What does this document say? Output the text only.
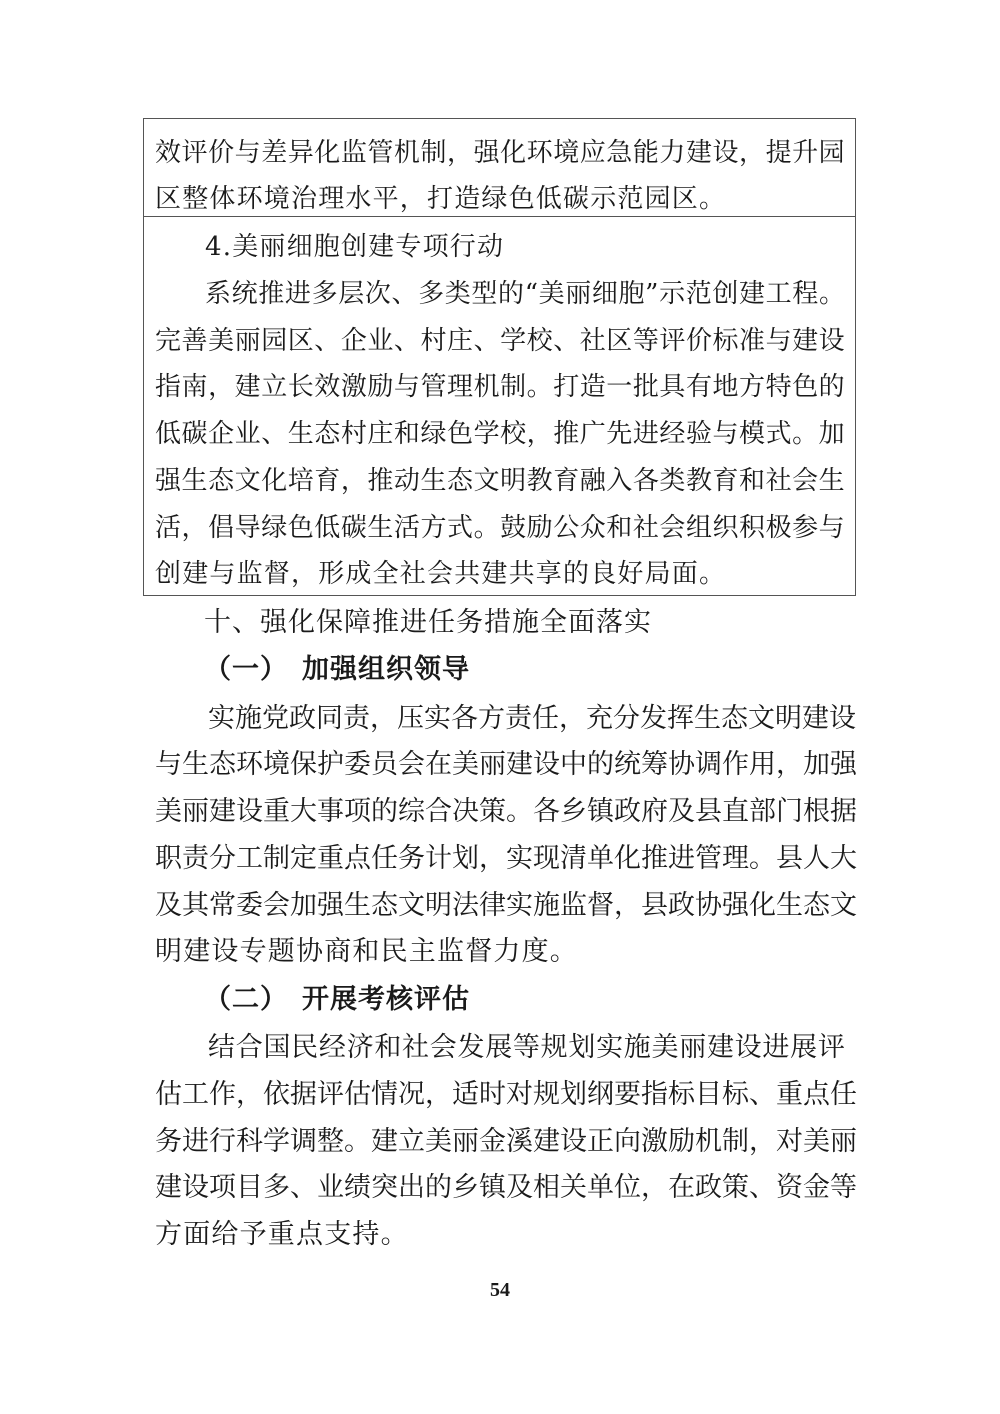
效 评 价 与 差 异 化 监 管 机 制 ， 强 化 环 境 应 急 能 力 建 设 ， 提 升 园
区整体环境治理水平，打造绿色低碳示范园区。
4.美丽细胞创建专项行动
系 统 推 进 多 层 次 、 多 类 型 的 “ 美 丽 细 胞 ” 示 范 创 建 工 程 。
完 善 美 丽 园 区 、 企 业 、 村 庄 、 学 校 、 社 区 等 评 价 标 准 与 建 设
指 南 ， 建 立 长 效 激 励 与 管 理 机 制 。 打 造 一 批 具 有 地 方 特 色 的
低 碳 企 业 、 生 态 村 庄 和 绿 色 学 校 ， 推 广 先 进 经 验 与 模 式 。 加
强 生 态 文 化 培 育 ， 推 动 生 态 文 明 教 育 融 入 各 类 教 育 和 社 会 生
活 ， 倡 导 绿 色 低 碳 生 活 方 式 。 鼓 励 公 众 和 社 会 组 织 积 极 参 与
创建与监督，形成全社会共建共享的良好局面。
十、强化保障推进任务措施全面落实
（一） 加强组织领导
实 施 党 政 同 责 ， 压 实 各 方 责 任 ， 充 分 发 挥 生 态 文 明 建 设
与 生 态 环 境 保 护 委 员 会 在 美 丽 建 设 中 的 统 筹 协 调 作 用 ， 加 强
美 丽 建 设 重 大 事 项 的 综 合 决 策 。 各 乡 镇 政 府 及 县 直 部 门 根 据
职 责 分 工 制 定 重 点 任 务 计 划 ， 实 现 清 单 化 推 进 管 理 。 县 人 大
及 其 常 委 会 加 强 生 态 文 明 法 律 实 施 监 督 ， 县 政 协 强 化 生 态 文
明建设专题协商和民主监督力度。
（二） 开展考核评估
结 合 国 民 经 济 和 社 会 发 展 等 规 划 实 施 美 丽 建 设 进 展 评
估 工 作 ， 依 据 评 估 情 况 ， 适 时 对 规 划 纲 要 指 标 目 标 、 重 点 任
务 进 行 科 学 调 整 。 建 立 美 丽 金 溪 建 设 正 向 激 励 机 制 ， 对 美 丽
建 设 项 目 多 、 业 绩 突 出 的 乡 镇 及 相 关 单 位 ， 在 政 策 、 资 金 等
方面给予重点支持。
54
